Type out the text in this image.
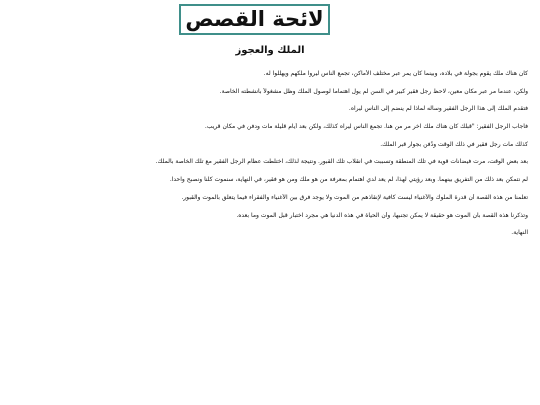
لائحة القصص
الملك والعجوز

كان هناك ملك يقوم بجولة في بلاده، وبينما كان يمر عبر مختلف الأماكن، تجمع الناس ليروا ملكهم ويهللوا له.

ولكن، عندما مر عبر مكان معين، لاحظ رجل فقير كبير في السن لم يول اهتماماً لوصول الملك وظل مشغولاً بأنشطته الخاصة.

فتقدم الملك إلى هذا الرجل الفقير وسأله لماذا لم ينضم إلى الناس ليراه.

فأجاب الرجل الفقير: "قبلك كان هناك ملك آخر مر من هنا. تجمع الناس ليراه كذلك، ولكن بعد أيام قليلة مات ودفن في مكان قريب.

كذلك مات رجل فقير في ذلك الوقت ودُفن بجوار قبر الملك.

بعد بعض الوقت، مرت فيضانات قوية في تلك المنطقة وتسببت في انقلاب تلك القبور. ونتيجة لذلك، اختلطت عظام الرجل الفقير مع تلك الخاصة بالملك.

لم نتمكن بعد ذلك من التفريق بينهما. وبعد رؤيتي لهذا، لم يعد لدي اهتمام بمعرفة من هو ملك ومن هو فقير، في النهاية، سنموت كلنا ونصبح واحداً.

تعلمنا من هذه القصة أن قدرة الملوك والأغنياء ليست كافية لإنقاذهم من الموت ولا يوجد فرق بين الأغنياء والفقراء فيما يتعلق بالموت والقبور.

وتذكرنا هذه القصة بأن الموت هو حقيقة لا يمكن تجنبها، وأن الحياة في هذه الدنيا هي مجرد اختبار قبل الموت وما بعده.

النهاية.
